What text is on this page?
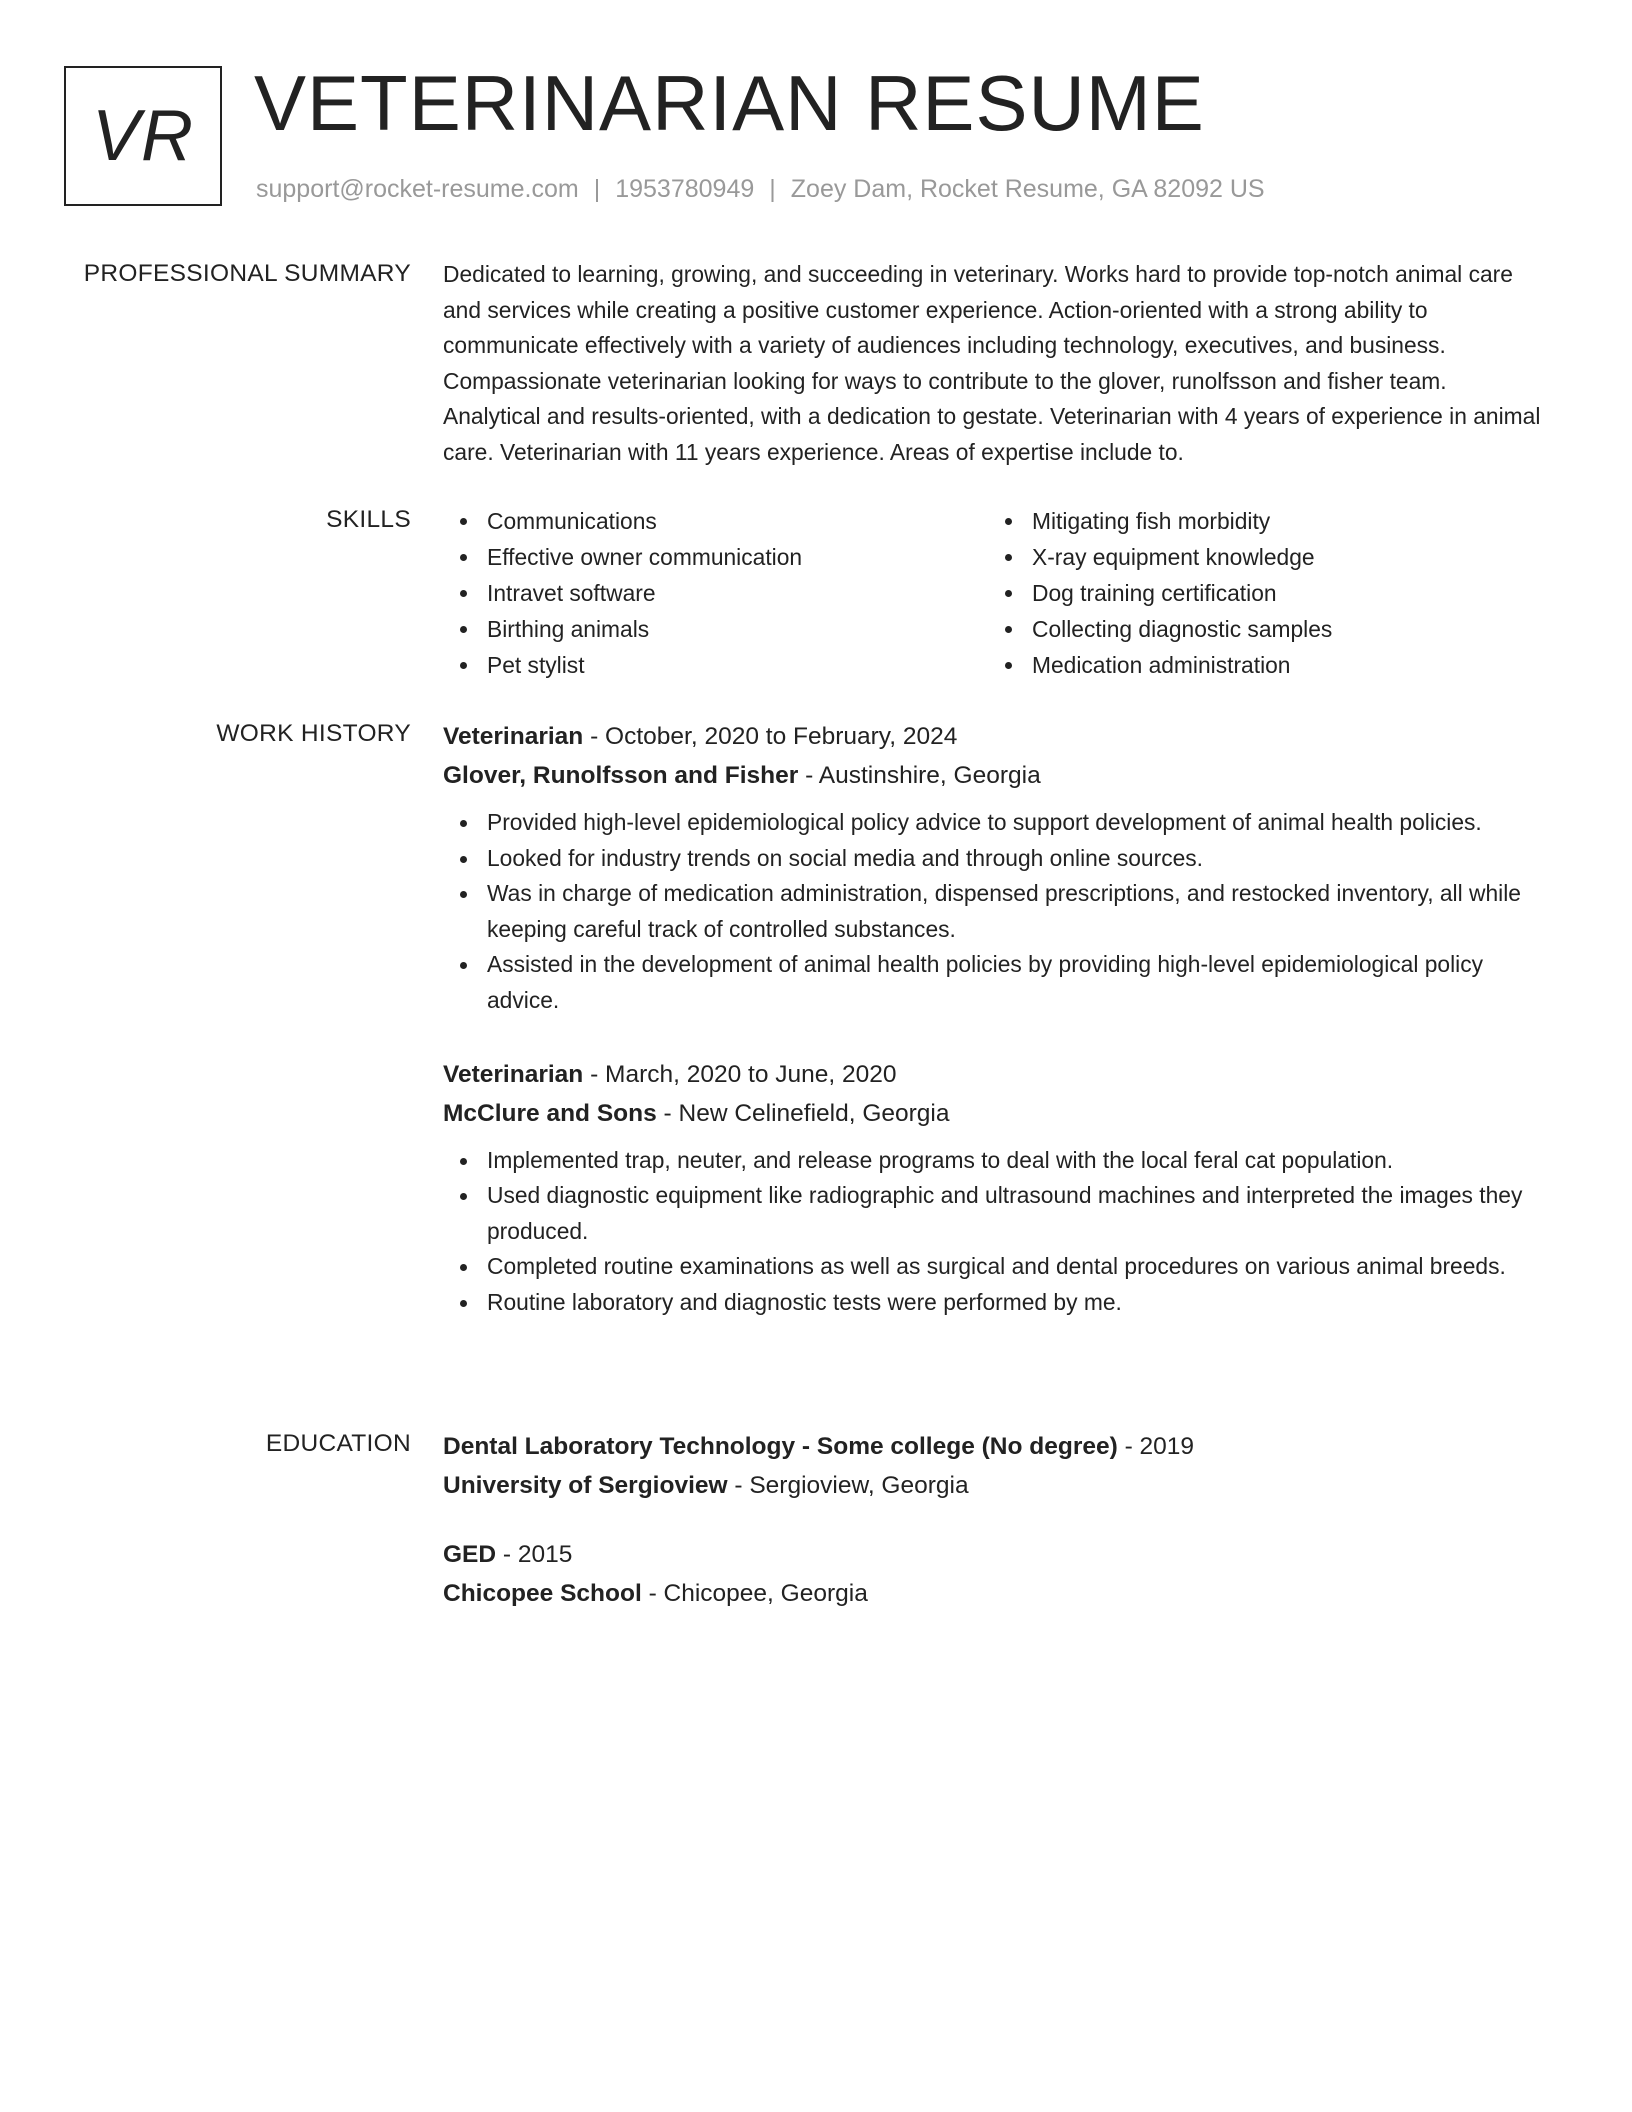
VR VETERINARIAN RESUME
support@rocket-resume.com | 1953780949 | Zoey Dam, Rocket Resume, GA 82092 US
PROFESSIONAL SUMMARY Dedicated to learning, growing, and succeeding in veterinary. Works hard to provide top-notch animal care and services while creating a positive customer experience. Action-oriented with a strong ability to communicate effectively with a variety of audiences including technology, executives, and business. Compassionate veterinarian looking for ways to contribute to the glover, runolfsson and fisher team. Analytical and results-oriented, with a dedication to gestate. Veterinarian with 4 years of experience in animal care. Veterinarian with 11 years experience. Areas of expertise include to.

SKILLS	Communications
Effective owner communication
Intravet software
Birthing animals
Pet stylist
Mitigating fish morbidity
X-ray equipment knowledge
Dog training certification
Collecting diagnostic samples
Medication administration
WORK HISTORY Veterinarian - October, 2020 to February, 2024
Glover, Runolfsson and Fisher - Austinshire, Georgia
Provided high-level epidemiological policy advice to support development of animal health policies.
Looked for industry trends on social media and through online sources.
Was in charge of medication administration, dispensed prescriptions, and restocked inventory, all while keeping careful track of controlled substances.
Assisted in the development of animal health policies by providing high-level epidemiological policy advice.
Veterinarian - March, 2020 to June, 2020
McClure and Sons - New Celinefield, Georgia
Implemented trap, neuter, and release programs to deal with the local feral cat population.
Used diagnostic equipment like radiographic and ultrasound machines and interpreted the images they produced.
Completed routine examinations as well as surgical and dental procedures on various animal breeds.
Routine laboratory and diagnostic tests were performed by me.
EDUCATION Dental Laboratory Technology - Some college (No degree) - 2019
University of Sergioview - Sergioview, Georgia
GED - 2015
Chicopee School - Chicopee, Georgia
